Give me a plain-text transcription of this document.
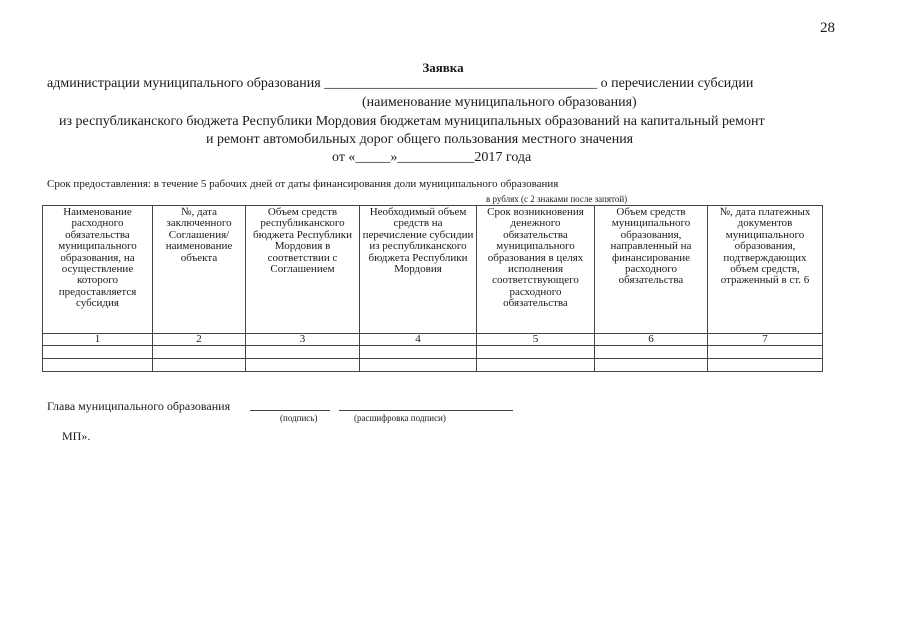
28
Заявка
администрации муниципального образования _______________________________________ о перечислении субсидии
(наименование муниципального образования)
из республиканского бюджета Республики Мордовия бюджетам муниципальных образований на капитальный ремонт
и ремонт автомобильных дорог общего пользования местного значения
от «_____»___________2017 года
Срок предоставления: в течение 5 рабочих дней от даты финансирования доли муниципального образования
в рублях (с 2 знаками после запятой)
Наименование расходного обязательства муниципального образования, на осуществление которого предоставляется субсидия	№, дата заключенного Соглашения/ наименование объекта	Объем средств республиканского бюджета Республики Мордовия в соответствии с Соглашением	Необходимый объем средств на перечисление субсидии из республиканского бюджета Республики Мордовия	Срок возникновения денежного обязательства муниципального образования в целях исполнения соответствующего расходного обязательства	Объем средств муниципального образования, направленный на финансирование расходного обязательства	№, дата платежных документов муниципального образования, подтверждающих объем средств, отраженный в ст. 6
1	2	3	4	5	6	7

Глава муниципального образования
(подпись)	(расшифровка подписи)
МП».
